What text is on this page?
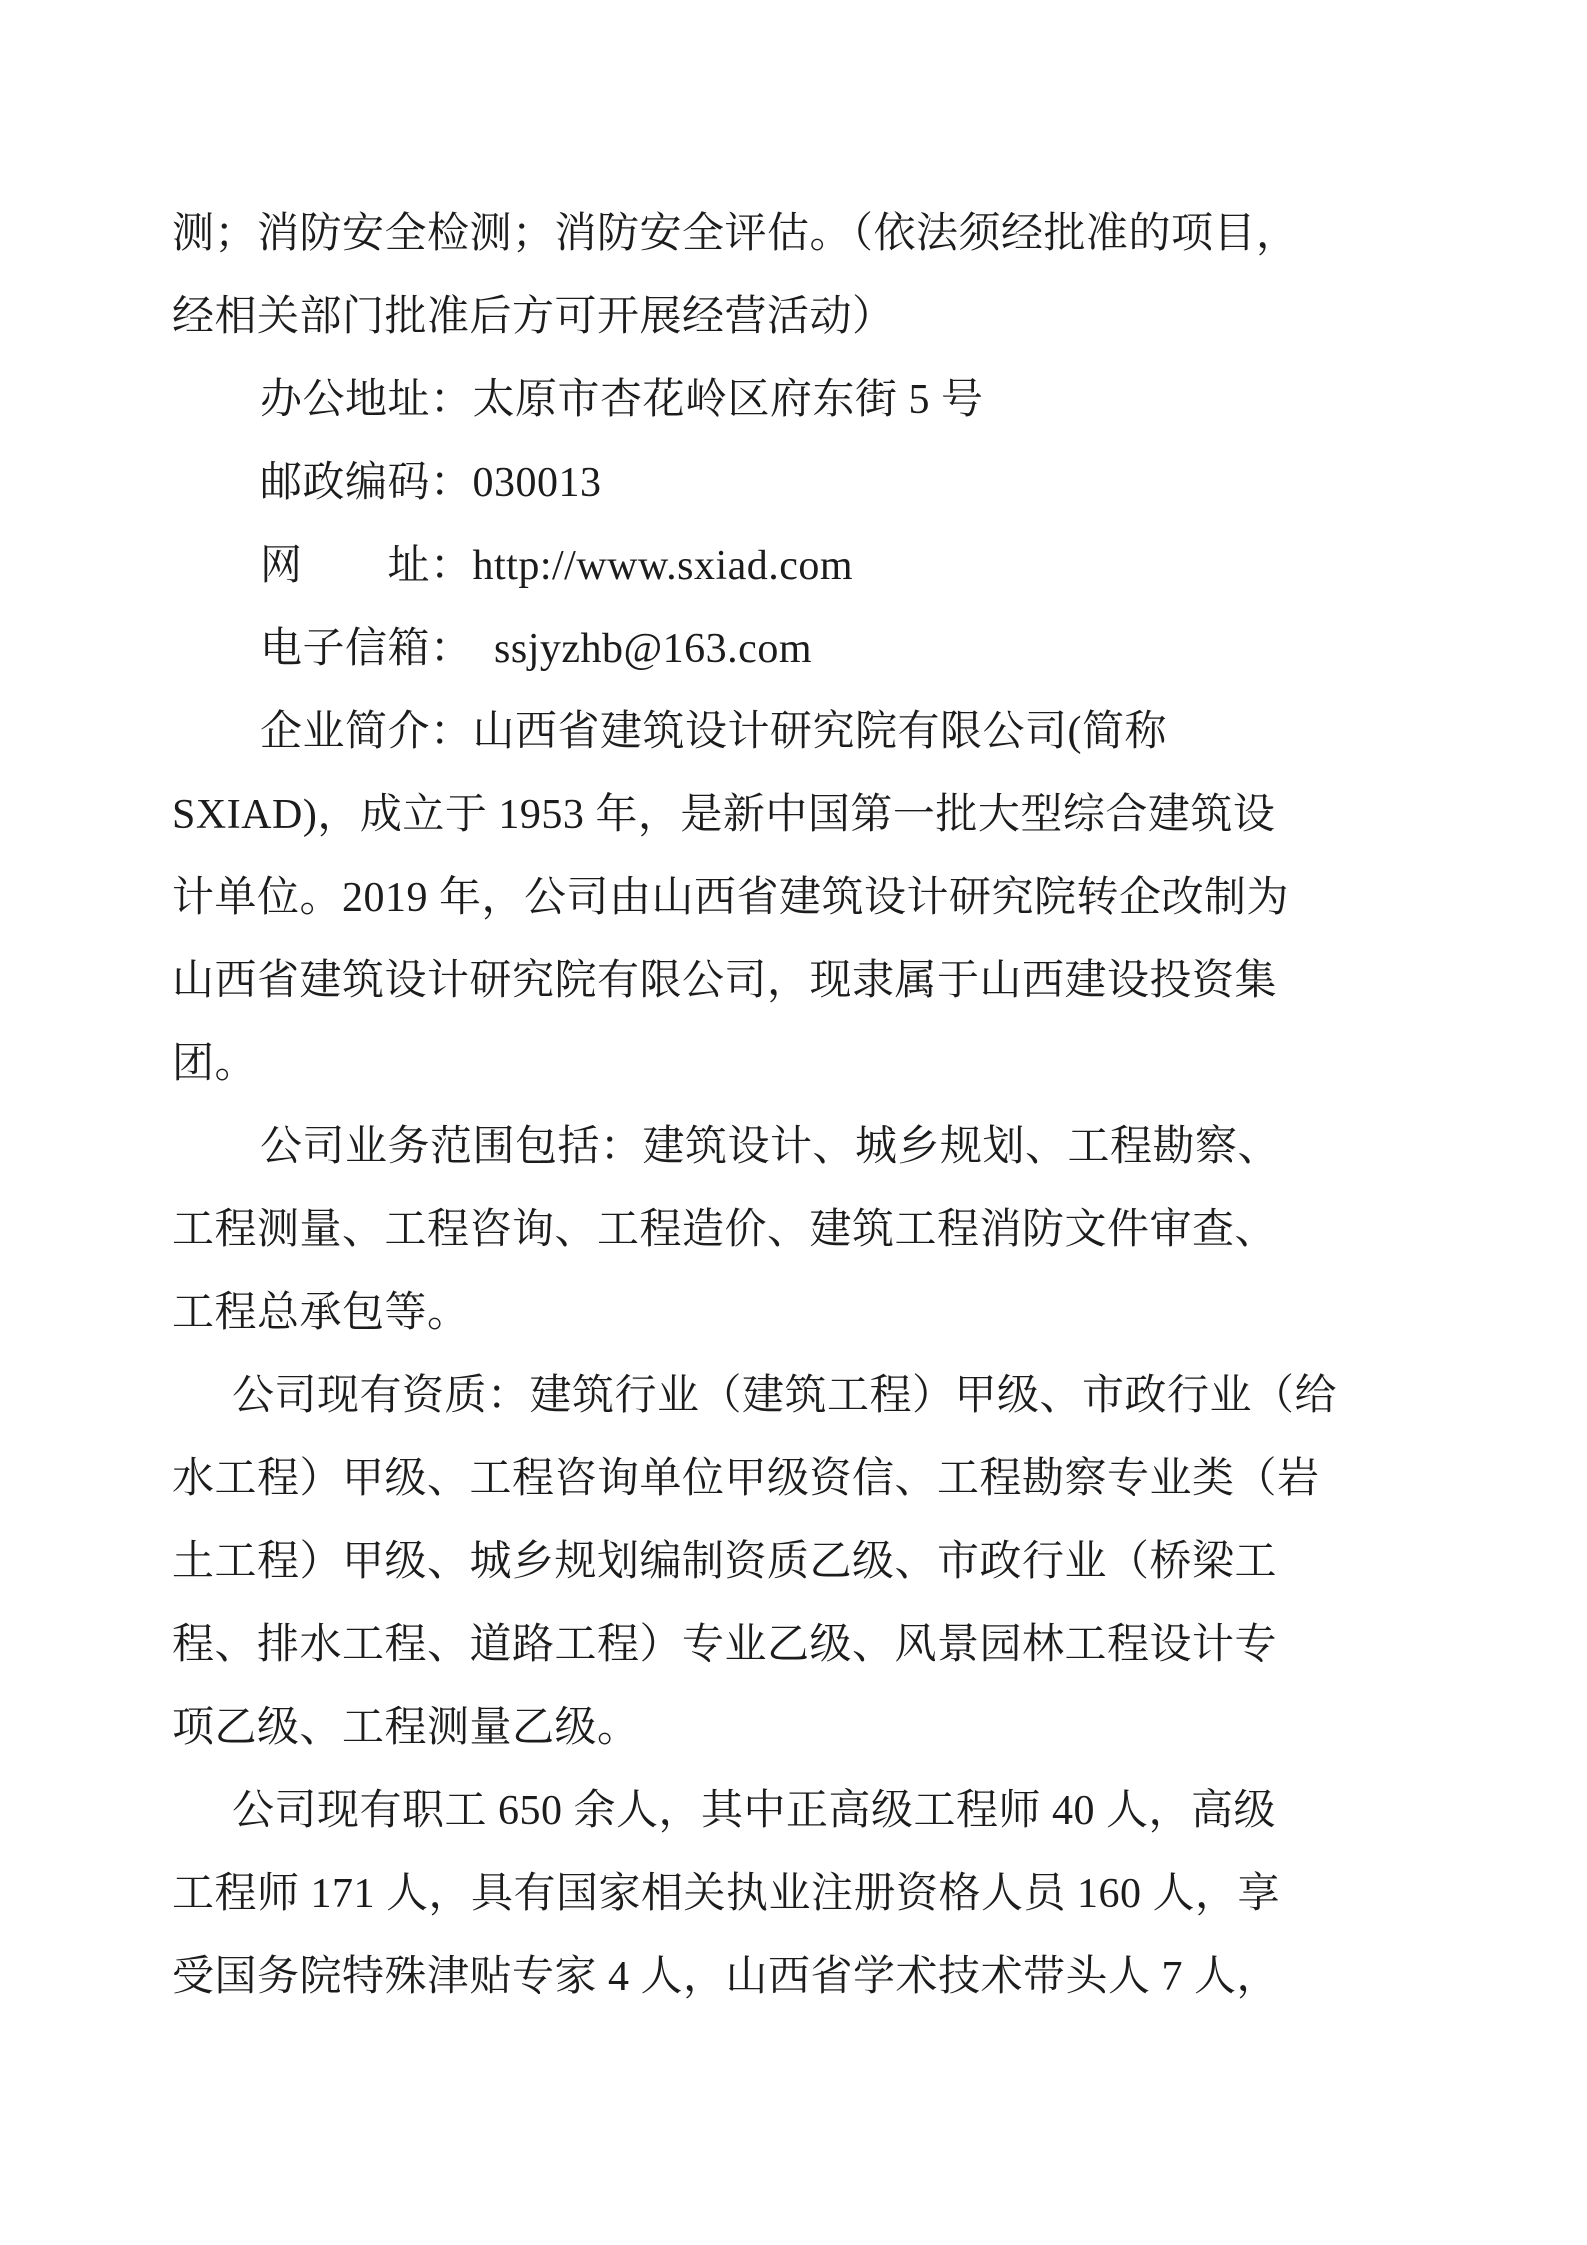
测；消防安全检测；消防安全评估。（依法须经批准的项目，

经相关部门批准后方可开展经营活动）

办公地址：太原市杏花岭区府东街 5 号

邮政编码：030013

网　　址：http://www.sxiad.com

电子信箱：　ssjyzhb@163.com

企业简介：山西省建筑设计研究院有限公司(简称

SXIAD)，成立于 1953 年，是新中国第一批大型综合建筑设

计单位。2019 年，公司由山西省建筑设计研究院转企改制为

山西省建筑设计研究院有限公司，现隶属于山西建设投资集

团。

公司业务范围包括：建筑设计、城乡规划、工程勘察、

工程测量、工程咨询、工程造价、建筑工程消防文件审查、

工程总承包等。

公司现有资质：建筑行业（建筑工程）甲级、市政行业（给

水工程）甲级、工程咨询单位甲级资信、工程勘察专业类（岩

土工程）甲级、城乡规划编制资质乙级、市政行业（桥梁工

程、排水工程、道路工程）专业乙级、风景园林工程设计专

项乙级、工程测量乙级。

公司现有职工 650 余人，其中正高级工程师 40 人，高级

工程师 171 人，具有国家相关执业注册资格人员 160 人，享

受国务院特殊津贴专家 4 人，山西省学术技术带头人 7 人，
